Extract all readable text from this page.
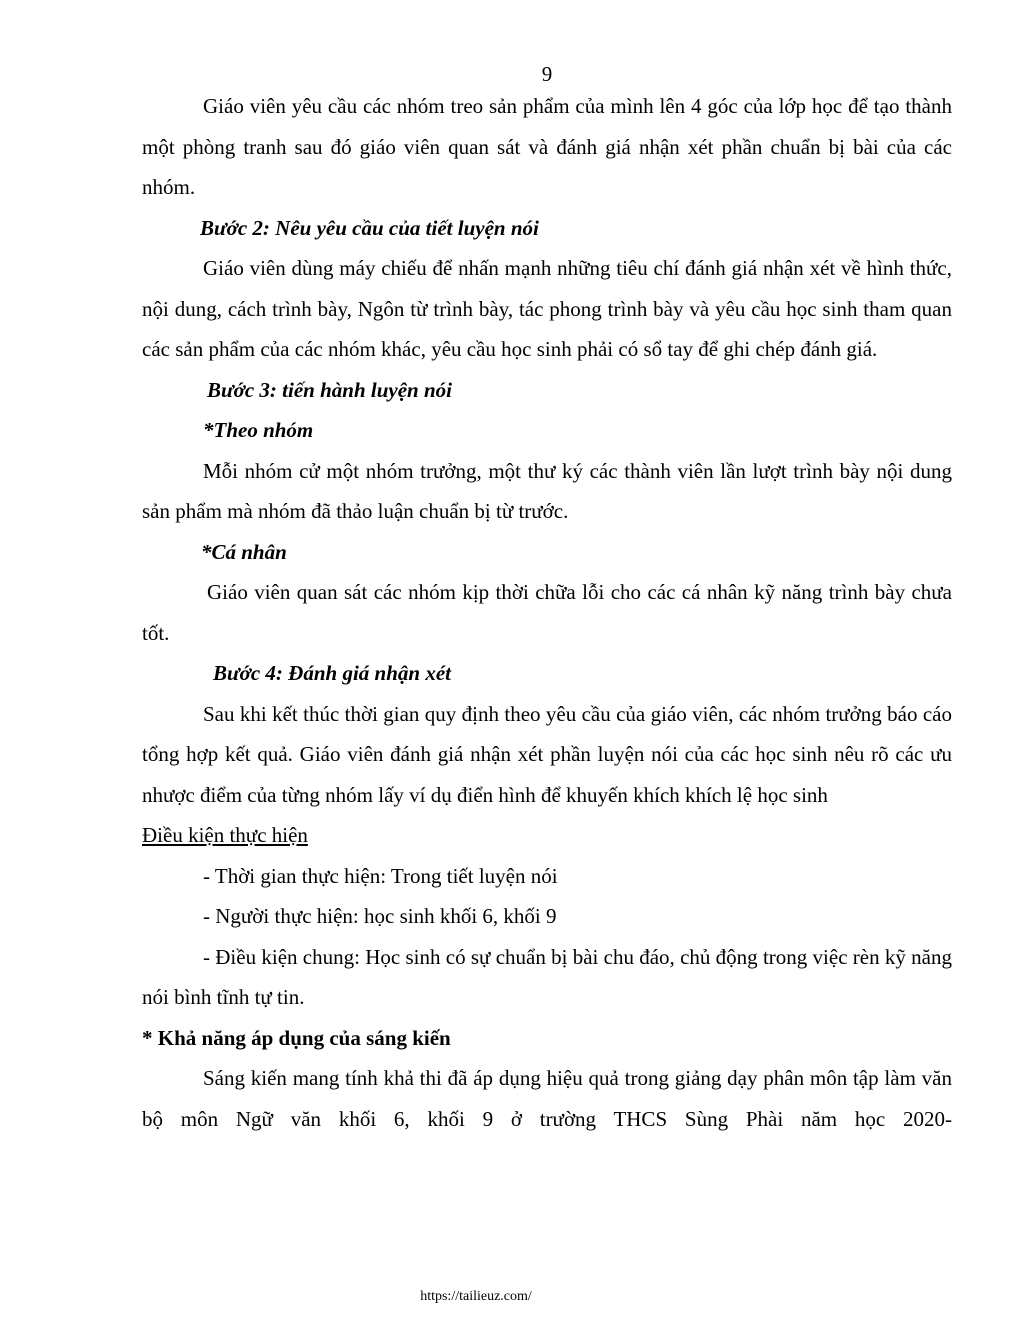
9

Giáo viên yêu cầu các nhóm treo sản phẩm của mình lên 4 góc của lớp học để tạo thành một phòng tranh sau đó giáo viên quan sát và đánh giá nhận xét phần chuẩn bị bài của các nhóm.

Bước 2: Nêu yêu cầu của tiết luyện nói

Giáo viên dùng máy chiếu để nhấn mạnh những tiêu chí đánh giá nhận xét về hình thức, nội dung, cách trình bày, Ngôn từ trình bày, tác phong trình bày và yêu cầu học sinh tham quan các sản phẩm của các nhóm khác, yêu cầu học sinh phải có sổ tay để ghi chép đánh giá.

Bước 3: tiến hành luyện nói

*Theo nhóm

Mỗi nhóm cử một nhóm trưởng, một thư ký các thành viên lần lượt trình bày nội dung sản phẩm mà nhóm đã thảo luận chuẩn bị từ trước.

*Cá nhân

Giáo viên quan sát các nhóm kịp thời chữa lỗi cho các cá nhân kỹ năng trình bày chưa tốt.

Bước 4: Đánh giá nhận xét

Sau khi kết thúc thời gian quy định theo yêu cầu của giáo viên, các nhóm trưởng báo cáo tổng hợp kết quả. Giáo viên đánh giá nhận xét phần luyện nói của các học sinh nêu rõ các ưu nhược điểm của từng nhóm lấy ví dụ điển hình để khuyến khích khích lệ học sinh

Điều kiện thực hiện

- Thời gian thực hiện: Trong tiết luyện nói

- Người thực hiện: học sinh khối 6, khối 9

- Điều kiện chung: Học sinh có sự chuẩn bị bài chu đáo, chủ động trong việc rèn kỹ năng nói bình tĩnh tự tin.

* Khả năng áp dụng của sáng kiến

Sáng kiến mang tính khả thi đã áp dụng hiệu quả trong giảng dạy phân môn tập làm văn bộ môn Ngữ văn khối 6, khối 9 ở trường THCS Sùng Phài năm học 2020-

https://tailieuz.com/
